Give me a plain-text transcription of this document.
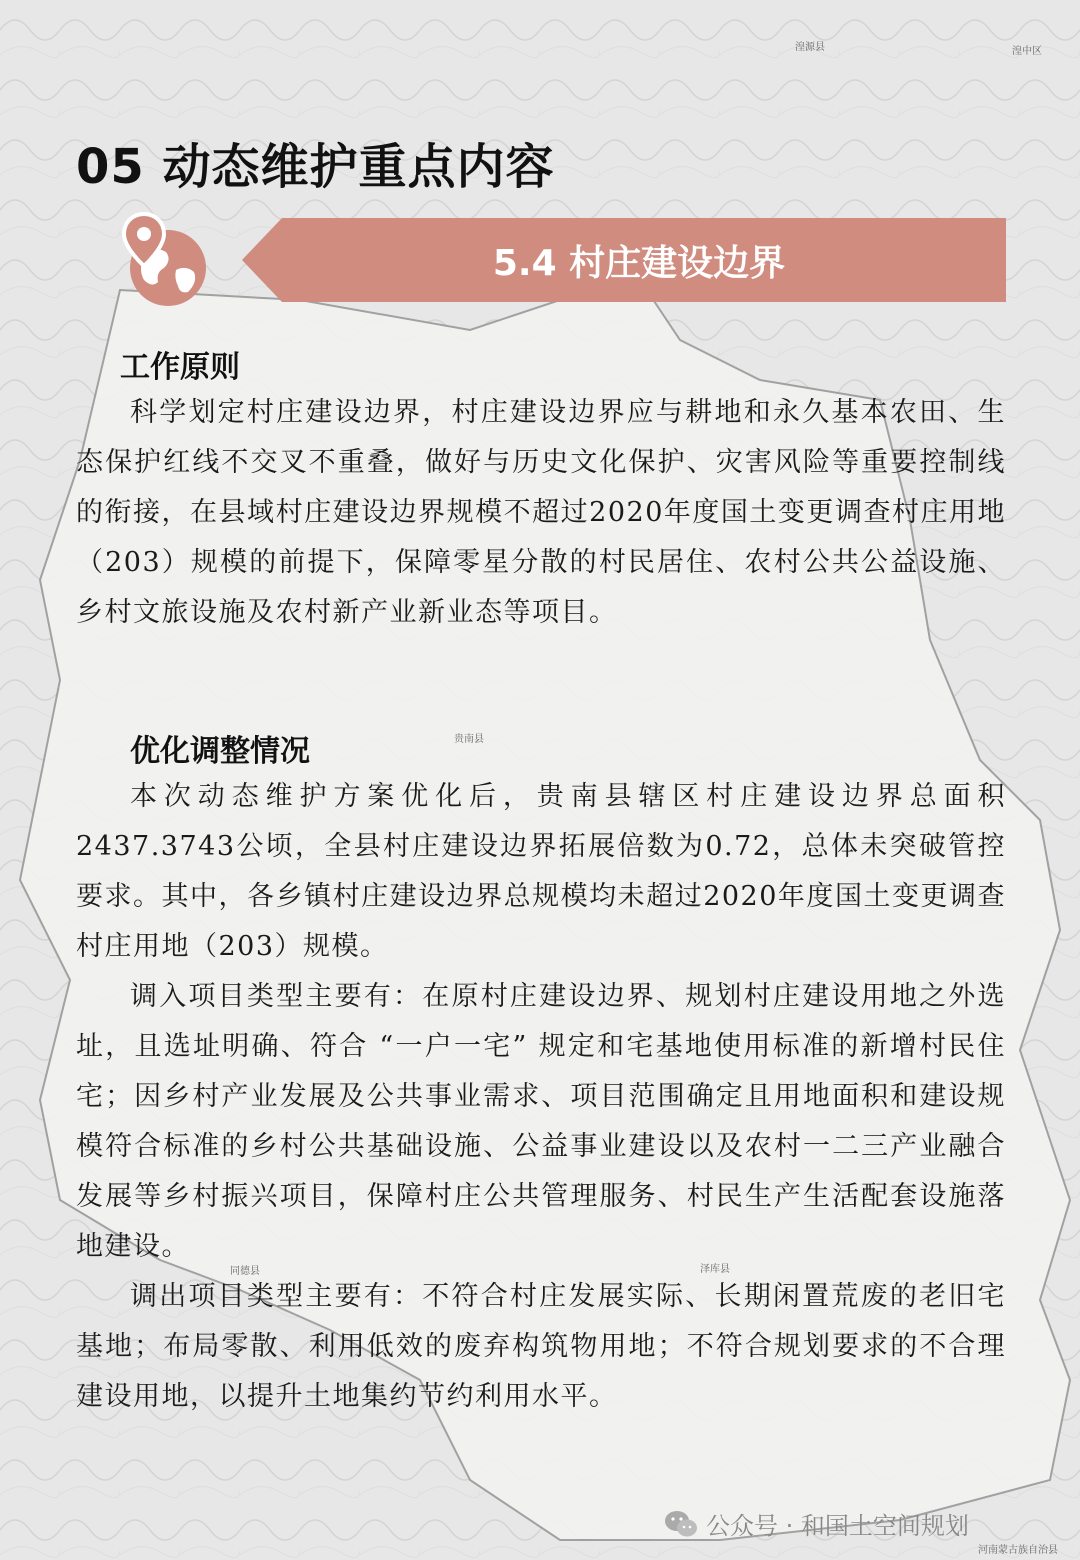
湟源县	湟中区
贵南县
同德县	泽库县
河南蒙古族自治县
05 动态维护重点内容
5.4 村庄建设边界
工作原则

科学划定村庄建设边界，村庄建设边界应与耕地和永久基本农田、生态保护红线不交叉不重叠，做好与历史文化保护、灾害风险等重要控制线的衔接，在县域村庄建设边界规模不超过2020年度国土变更调查村庄用地（203）规模的前提下，保障零星分散的村民居住、农村公共公益设施、乡村文旅设施及农村新产业新业态等项目。

优化调整情况

本次动态维护方案优化后，贵南县辖区村庄建设边界总面积2437.3743公顷，全县村庄建设边界拓展倍数为0.72，总体未突破管控要求。其中，各乡镇村庄建设边界总规模均未超过2020年度国土变更调查村庄用地（203）规模。

调入项目类型主要有：在原村庄建设边界、规划村庄建设用地之外选址，且选址明确、符合 “一户一宅” 规定和宅基地使用标准的新增村民住宅；因乡村产业发展及公共事业需求、项目范围确定且用地面积和建设规模符合标准的乡村公共基础设施、公益事业建设以及农村一二三产业融合发展等乡村振兴项目，保障村庄公共管理服务、村民生产生活配套设施落地建设。

调出项目类型主要有：不符合村庄发展实际、长期闲置荒废的老旧宅基地；布局零散、利用低效的废弃构筑物用地；不符合规划要求的不合理建设用地，以提升土地集约节约利用水平。

公众号 · 和国土空间规划
